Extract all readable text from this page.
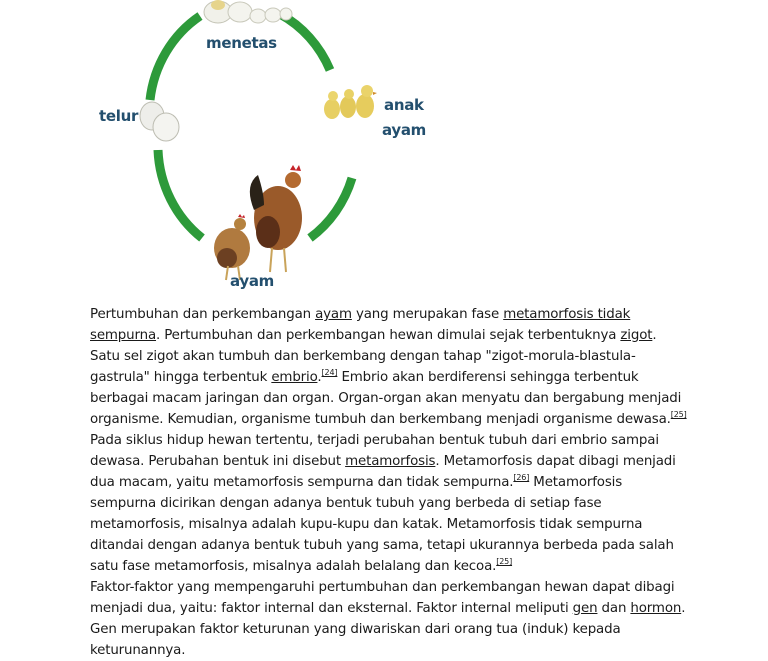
menetas
telur
anak
ayam
ayam

Pertumbuhan dan perkembangan ayam yang merupakan fase metamorfosis tidak sempurna. Pertumbuhan dan perkembangan hewan dimulai sejak terbentuknya zigot. Satu sel zigot akan tumbuh dan berkembang dengan tahap "zigot-morula-blastula-gastrula" hingga terbentuk embrio.[24] Embrio akan berdiferensi sehingga terbentuk berbagai macam jaringan dan organ. Organ-organ akan menyatu dan bergabung menjadi organisme. Kemudian, organisme tumbuh dan berkembang menjadi organisme dewasa.[25]

Pada siklus hidup hewan tertentu, terjadi perubahan bentuk tubuh dari embrio sampai dewasa. Perubahan bentuk ini disebut metamorfosis. Metamorfosis dapat dibagi menjadi dua macam, yaitu metamorfosis sempurna dan tidak sempurna.[26] Metamorfosis sempurna dicirikan dengan adanya bentuk tubuh yang berbeda di setiap fase metamorfosis, misalnya adalah kupu-kupu dan katak. Metamorfosis tidak sempurna ditandai dengan adanya bentuk tubuh yang sama, tetapi ukurannya berbeda pada salah satu fase metamorfosis, misalnya adalah belalang dan kecoa.[25]

Faktor-faktor yang mempengaruhi pertumbuhan dan perkembangan hewan dapat dibagi menjadi dua, yaitu: faktor internal dan eksternal. Faktor internal meliputi gen dan hormon. Gen merupakan faktor keturunan yang diwariskan dari orang tua (induk) kepada keturunannya.
